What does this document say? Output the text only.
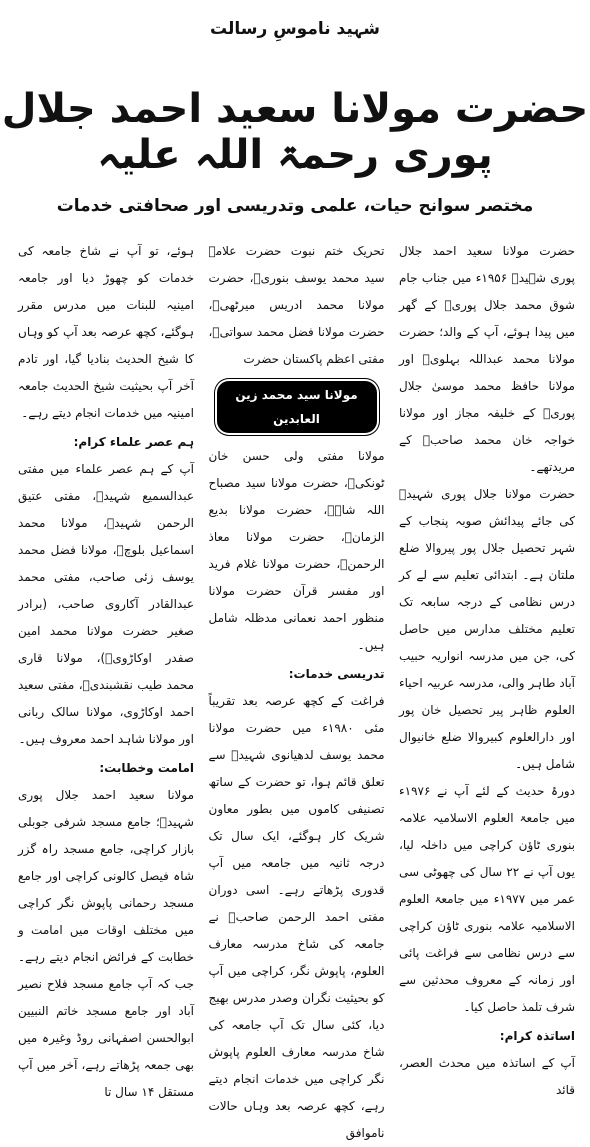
شہید ناموسِ رسالت
حضرت مولانا سعید احمد جلال پوری رحمۃ اللہ علیہ
مختصر سوانح حیات، علمی وتدریسی اور صحافتی خدمات

حضرت مولانا سعید احمد جلال پوری شہیدؒ ۱۹۵۶ء میں جناب جام شوق محمد جلال پوریؒ کے گھر میں پیدا ہوئے، آپ کے والد؛ حضرت مولانا محمد عبداللہ بہلویؒ اور مولانا حافظ محمد موسیٰ جلال پوریؒ کے خلیفہ مجاز اور مولانا خواجہ خان محمد صاحبؒ کے مریدتھے۔

حضرت مولانا جلال پوری شہیدؒ کی جائے پیدائش صوبہ پنجاب کے شہر تحصیل جلال پور پیروالا ضلع ملتان ہے۔ ابتدائی تعلیم سے لے کر درس نظامی کے درجہ سابعہ تک تعلیم مختلف مدارس میں حاصل کی، جن میں مدرسہ انواریہ حبیب آباد طاہر والی، مدرسہ عربیہ احیاء العلوم ظاہر پیر تحصیل خان پور اور دارالعلوم کبیروالا ضلع خانیوال شامل ہیں۔

دورۂ حدیث کے لئے آپ نے ۱۹۷۶ء میں جامعۃ العلوم الاسلامیہ علامہ بنوری ٹاؤن کراچی میں داخلہ لیا، یوں آپ نے ۲۲ سال کی چھوٹی سی عمر میں ۱۹۷۷ء میں جامعۃ العلوم الاسلامیہ علامہ بنوری ٹاؤن کراچی سے درس نظامی سے فراغت پائی اور زمانہ کے معروف محدثین سے شرف تلمذ حاصل کیا۔

اساتذہ کرام:

آپ کے اساتذہ میں محدث العصر، قائد

تحریک ختم نبوت حضرت علامہ سید محمد یوسف بنوریؒ، حضرت مولانا محمد ادریس میرٹھیؒ، حضرت مولانا فضل محمد سواتیؒ، مفتی اعظم پاکستان حضرت

مولانا سید محمد زین العابدین

مولانا مفتی ولی حسن خان ٹونکیؒ، حضرت مولانا سید مصباح اللہ شاہؒ، حضرت مولانا بدیع الزمانؒ، حضرت مولانا معاذ الرحمنؒ، حضرت مولانا غلام فرید اور مفسر قرآن حضرت مولانا منظور احمد نعمانی مدظلہ شامل ہیں۔

تدریسی خدمات:

فراغت کے کچھ عرصہ بعد تقریباً مئی ۱۹۸۰ء میں حضرت مولانا محمد یوسف لدھیانوی شہیدؒ سے تعلق قائم ہوا، تو حضرت کے ساتھ تصنیفی کاموں میں بطور معاون شریک کار ہوگئے، ایک سال تک درجہ ثانیہ میں جامعہ میں آپ قدوری پڑھاتے رہے۔ اسی دوران مفتی احمد الرحمن صاحبؒ نے جامعہ کی شاخ مدرسہ معارف العلوم، پاپوش نگر، کراچی میں آپ کو بحیثیت نگران وصدر مدرس بھیج دیا، کئی سال تک آپ جامعہ کی شاخ مدرسہ معارف العلوم پاپوش نگر کراچی میں خدمات انجام دیتے رہے، کچھ عرصہ بعد وہاں حالات ناموافق

ہوئے، تو آپ نے شاخ جامعہ کی خدمات کو چھوڑ دیا اور جامعہ امینیہ للبنات میں مدرس مقرر ہوگئے، کچھ عرصہ بعد آپ کو وہاں کا شیخ الحدیث بنادیا گیا، اور تادم آخر آپ بحیثیت شیخ الحدیث جامعہ امینیہ میں خدمات انجام دیتے رہے۔

ہم عصر علماء کرام:

آپ کے ہم عصر علماء میں مفتی عبدالسمیع شہیدؒ، مفتی عتیق الرحمن شہیدؒ، مولانا محمد اسماعیل بلوچؒ، مولانا فضل محمد یوسف زئی صاحب، مفتی محمد عبدالقادر آکاروی صاحب، (برادر صغیر حضرت مولانا محمد امین صفدر اوکاڑویؒ)، مولانا قاری محمد طیب نقشبندیؒ، مفتی سعید احمد اوکاڑوی، مولانا سالک ربانی اور مولانا شاہد احمد معروف ہیں۔

امامت وخطابت:

مولانا سعید احمد جلال پوری شہیدؒ؛ جامع مسجد شرفی جوبلی بازار کراچی، جامع مسجد راہ گزر شاہ فیصل کالونی کراچی اور جامع مسجد رحمانی پاپوش نگر کراچی میں مختلف اوقات میں امامت و خطابت کے فرائض انجام دیتے رہے۔ جب کہ آپ جامع مسجد فلاح نصیر آباد اور جامع مسجد خاتم النبیین ابوالحسن اصفہانی روڈ وغیرہ میں بھی جمعہ پڑھاتے رہے، آخر میں آپ مستقل ۱۴ سال تا
